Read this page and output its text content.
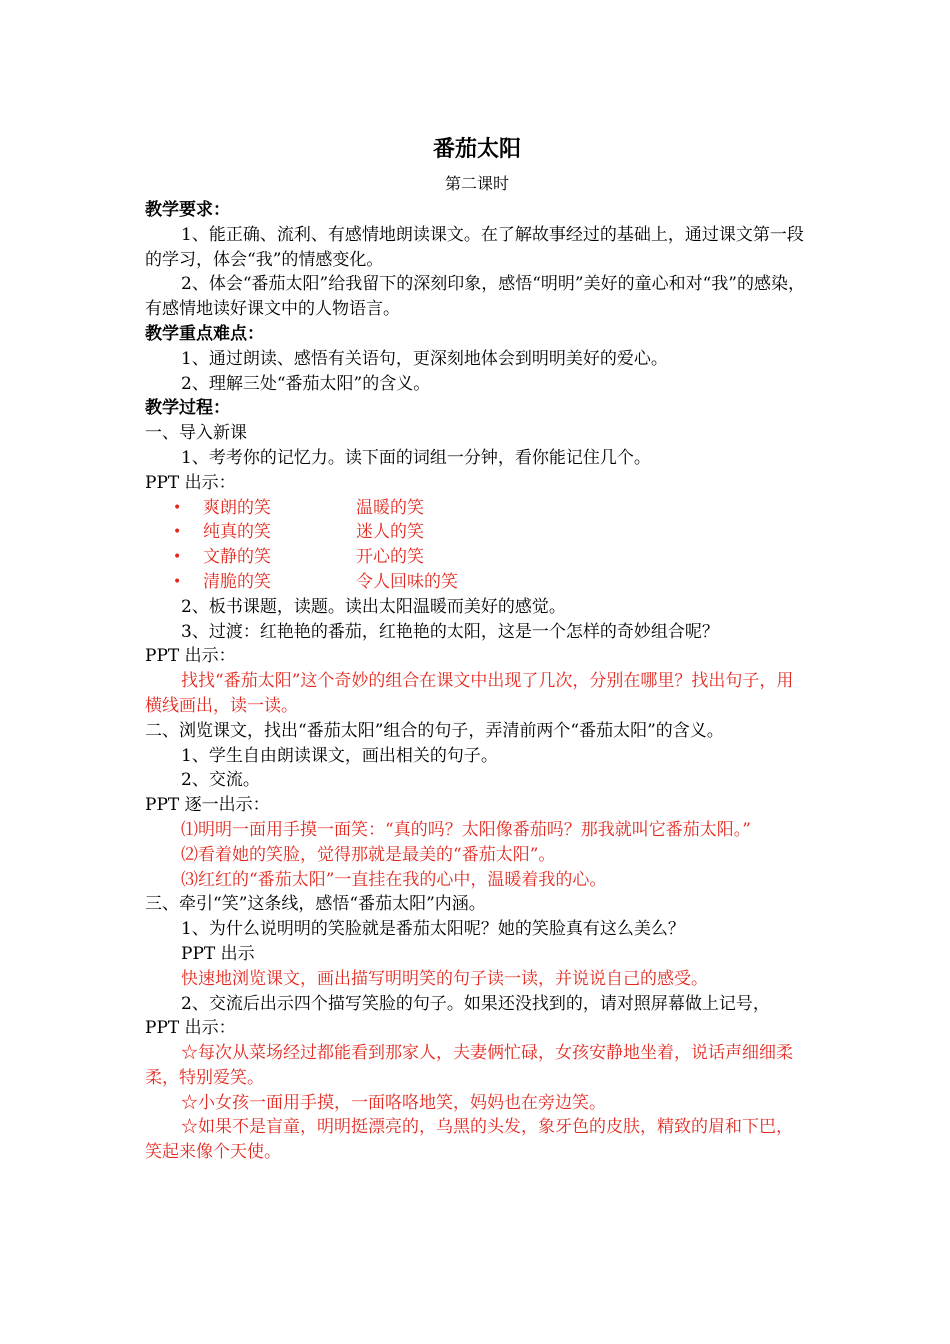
番茄太阳
第二课时

教学要求：

1、能正确、流利、有感情地朗读课文。在了解故事经过的基础上，通过课文第一段的学习，体会“我”的情感变化。

2、体会“番茄太阳”给我留下的深刻印象，感悟“明明”美好的童心和对“我”的感染，有感情地读好课文中的人物语言。

教学重点难点：

1、通过朗读、感悟有关语句，更深刻地体会到明明美好的爱心。

2、理解三处“番茄太阳”的含义。

教学过程：

一、导入新课

1、考考你的记忆力。读下面的词组一分钟，看你能记住几个。

PPT 出示：

• 爽朗的笑	温暖的笑
• 纯真的笑	迷人的笑
• 文静的笑	开心的笑
• 清脆的笑	令人回味的笑

2、板书课题，读题。读出太阳温暖而美好的感觉。

3、过渡：红艳艳的番茄，红艳艳的太阳，这是一个怎样的奇妙组合呢？

PPT 出示：

找找“番茄太阳”这个奇妙的组合在课文中出现了几次，分别在哪里？找出句子，用横线画出，读一读。

二、浏览课文，找出“番茄太阳”组合的句子，弄清前两个“番茄太阳”的含义。

1、学生自由朗读课文，画出相关的句子。

2、交流。

PPT 逐一出示：

⑴明明一面用手摸一面笑：“真的吗？太阳像番茄吗？那我就叫它番茄太阳。”

⑵看着她的笑脸，觉得那就是最美的“番茄太阳”。

⑶红红的“番茄太阳”一直挂在我的心中，温暖着我的心。

三、牵引“笑”这条线，感悟“番茄太阳”内涵。

1、为什么说明明的笑脸就是番茄太阳呢？她的笑脸真有这么美么？

PPT 出示

快速地浏览课文，画出描写明明笑的句子读一读，并说说自己的感受。

2、交流后出示四个描写笑脸的句子。如果还没找到的，请对照屏幕做上记号，

PPT 出示：

☆每次从菜场经过都能看到那家人，夫妻俩忙碌，女孩安静地坐着，说话声细细柔柔，特别爱笑。

☆小女孩一面用手摸，一面咯咯地笑，妈妈也在旁边笑。

☆如果不是盲童，明明挺漂亮的，乌黑的头发，象牙色的皮肤，精致的眉和下巴，笑起来像个天使。
